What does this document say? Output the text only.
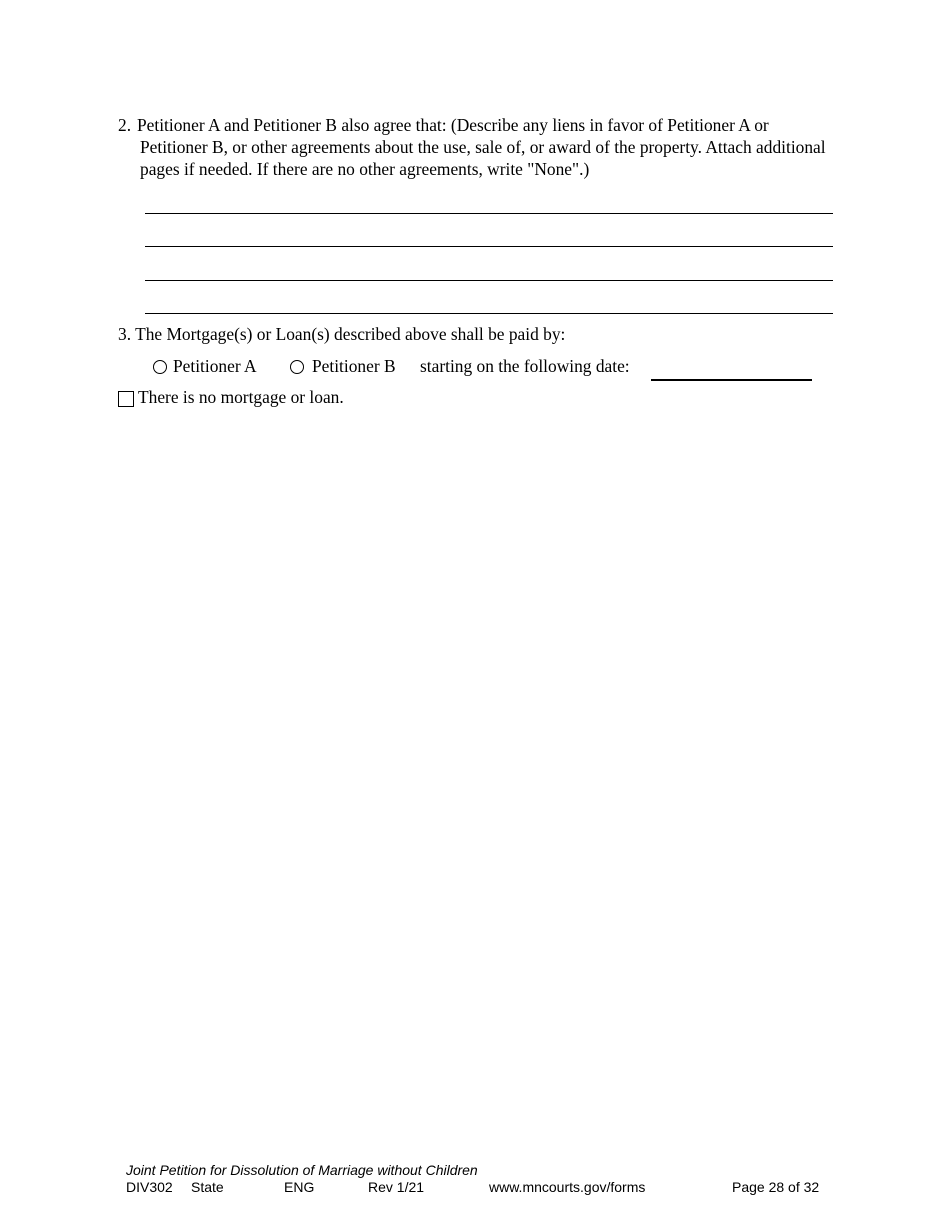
2. Petitioner A and Petitioner B also agree that: (Describe any liens in favor of Petitioner A or Petitioner B, or other agreements about the use, sale of, or award of the property. Attach additional pages if needed. If there are no other agreements, write "None".)
3. The Mortgage(s) or Loan(s) described above shall be paid by:
Petitioner A	Petitioner B starting on the following date:
There is no mortgage or loan.
Joint Petition for Dissolution of Marriage without Children
DIV302 State	ENG	Rev 1/21	www.mncourts.gov/forms	Page 28 of 32
